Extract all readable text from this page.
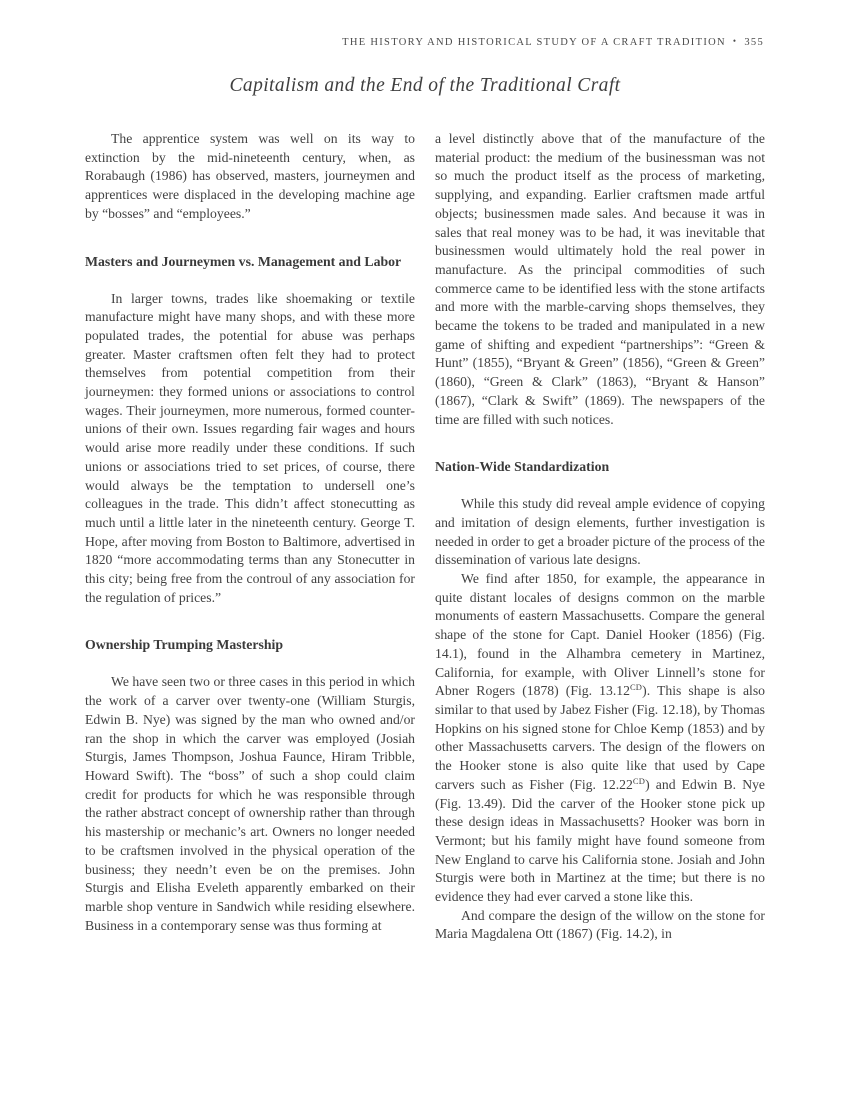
THE HISTORY AND HISTORICAL STUDY OF A CRAFT TRADITION • 355
Capitalism and the End of the Traditional Craft

The apprentice system was well on its way to extinction by the mid-nineteenth century, when, as Rorabaugh (1986) has observed, masters, journeymen and apprentices were displaced in the developing machine age by “bosses” and “employees.”

Masters and Journeymen vs. Management and Labor

In larger towns, trades like shoemaking or textile manufacture might have many shops, and with these more populated trades, the potential for abuse was perhaps greater. Master craftsmen often felt they had to protect themselves from potential competition from their journeymen: they formed unions or associations to control wages. Their journeymen, more numerous, formed counter-unions of their own. Issues regarding fair wages and hours would arise more readily under these conditions. If such unions or associations tried to set prices, of course, there would always be the temptation to undersell one’s colleagues in the trade. This didn’t affect stonecutting as much until a little later in the nineteenth century. George T. Hope, after moving from Boston to Baltimore, advertised in 1820 “more accommodating terms than any Stonecutter in this city; being free from the controul of any association for the regulation of prices.”

Ownership Trumping Mastership

We have seen two or three cases in this period in which the work of a carver over twenty-one (William Sturgis, Edwin B. Nye) was signed by the man who owned and/or ran the shop in which the carver was employed (Josiah Sturgis, James Thompson, Joshua Faunce, Hiram Tribble, Howard Swift). The “boss” of such a shop could claim credit for products for which he was responsible through the rather abstract concept of ownership rather than through his mastership or mechanic’s art. Owners no longer needed to be craftsmen involved in the physical operation of the business; they needn’t even be on the premises. John Sturgis and Elisha Eveleth apparently embarked on their marble shop venture in Sandwich while residing elsewhere. Business in a contemporary sense was thus forming at

a level distinctly above that of the manufacture of the material product: the medium of the businessman was not so much the product itself as the process of marketing, supplying, and expanding. Earlier craftsmen made artful objects; businessmen made sales. And because it was in sales that real money was to be had, it was inevitable that businessmen would ultimately hold the real power in manufacture. As the principal commodities of such commerce came to be identified less with the stone artifacts and more with the marble-carving shops themselves, they became the tokens to be traded and manipulated in a new game of shifting and expedient “partnerships”: “Green & Hunt” (1855), “Bryant & Green” (1856), “Green & Green” (1860), “Green & Clark” (1863), “Bryant & Hanson” (1867), “Clark & Swift” (1869). The newspapers of the time are filled with such notices.

Nation-Wide Standardization

While this study did reveal ample evidence of copying and imitation of design elements, further investigation is needed in order to get a broader picture of the process of the dissemination of various late designs.

We find after 1850, for example, the appearance in quite distant locales of designs common on the marble monuments of eastern Massachusetts. Compare the general shape of the stone for Capt. Daniel Hooker (1856) (Fig. 14.1), found in the Alhambra cemetery in Martinez, California, for example, with Oliver Linnell’s stone for Abner Rogers (1878) (Fig. $13.12^{CD}$). This shape is also similar to that used by Jabez Fisher (Fig. 12.18), by Thomas Hopkins on his signed stone for Chloe Kemp (1853) and by other Massachusetts carvers. The design of the flowers on the Hooker stone is also quite like that used by Cape carvers such as Fisher (Fig. $12.22^{CD}$) and Edwin B. Nye (Fig. 13.49). Did the carver of the Hooker stone pick up these design ideas in Massachusetts? Hooker was born in Vermont; but his family might have found someone from New England to carve his California stone. Josiah and John Sturgis were both in Martinez at the time; but there is no evidence they had ever carved a stone like this.

And compare the design of the willow on the stone for Maria Magdalena Ott (1867) (Fig. 14.2), in
